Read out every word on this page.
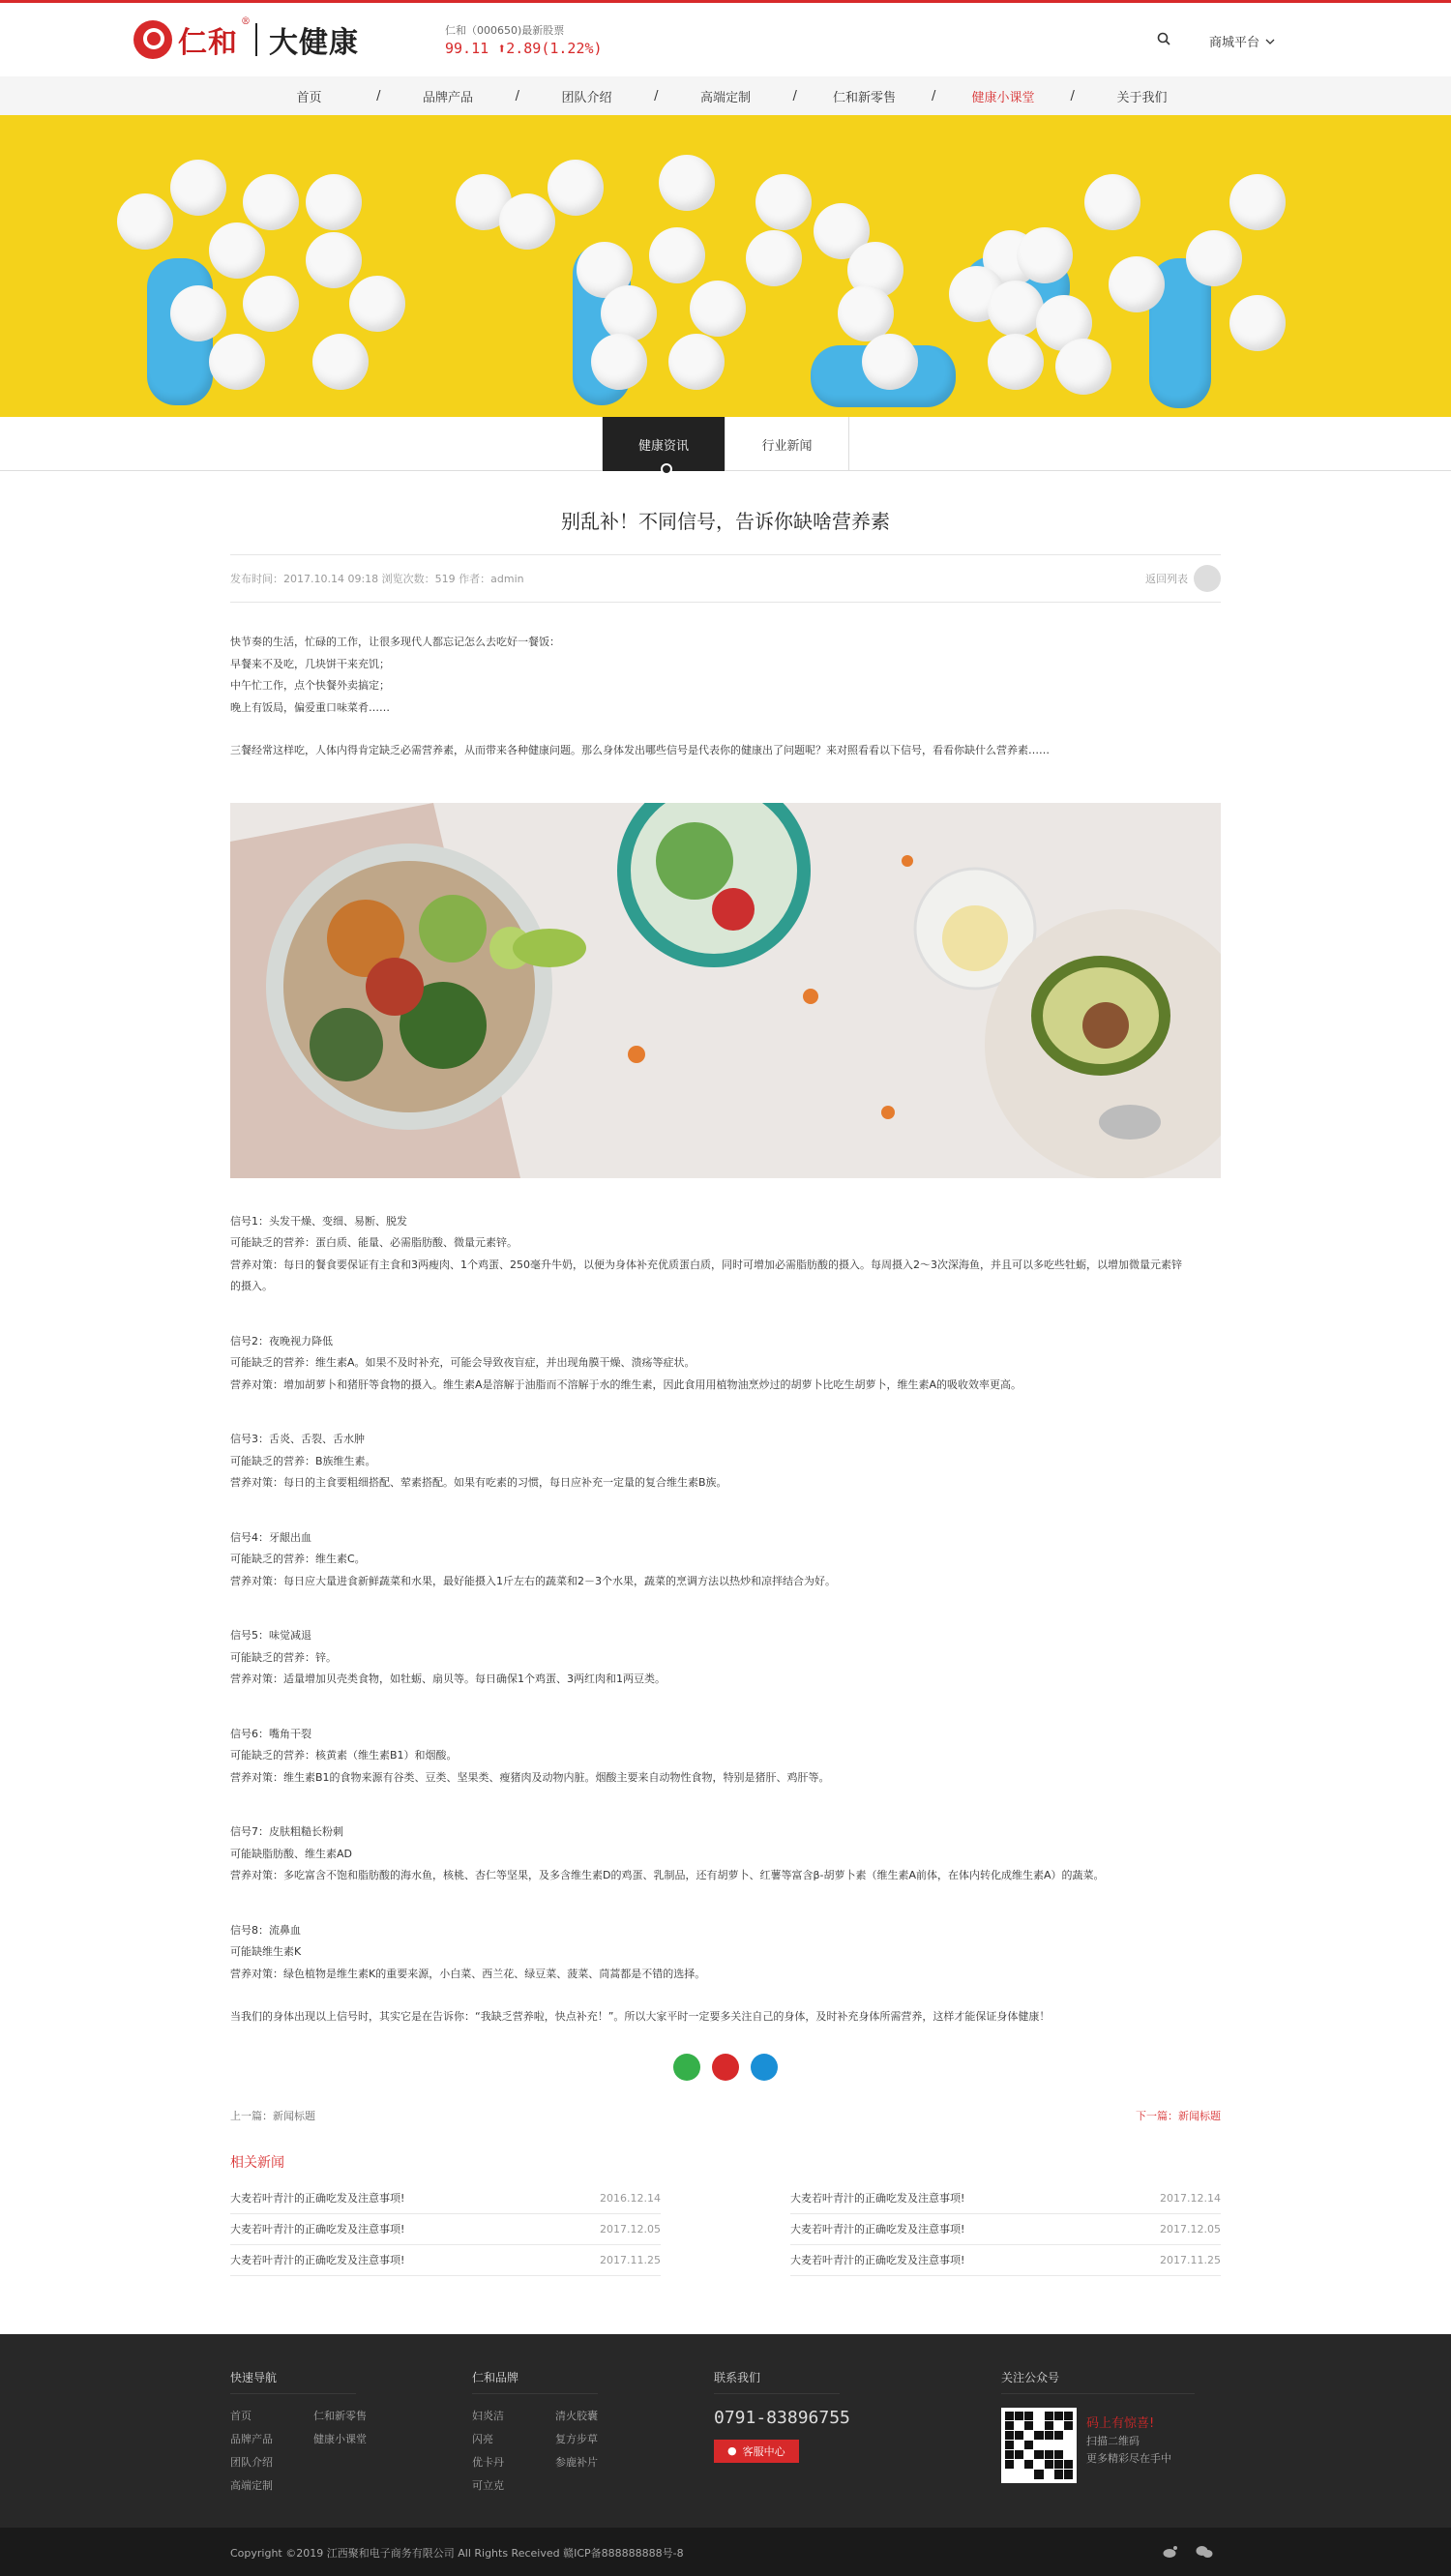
仁和
®
大健康	仁和（000650)最新股票
99.11 ⬆2.89(1.22%)	商城平台
首页	/	品牌产品	/	团队介绍	/	高端定制	/	仁和新零售	/	健康小课堂	/	关于我们
健康资讯	行业新闻
别乱补！不同信号，告诉你缺啥营养素
发布时间：2017.10.14 09:18 浏览次数：519 作者：admin	返回列表
快节奏的生活，忙碌的工作，让很多现代人都忘记怎么去吃好一餐饭：
早餐来不及吃，几块饼干来充饥；
中午忙工作，点个快餐外卖搞定；
晚上有饭局，偏爱重口味菜肴……
三餐经常这样吃，人体内得肯定缺乏必需营养素，从而带来各种健康问题。那么身体发出哪些信号是代表你的健康出了问题呢？来对照看看以下信号，看看你缺什么营养素……
信号1：头发干燥、变细、易断、脱发
可能缺乏的营养：蛋白质、能量、必需脂肪酸、微量元素锌。
营养对策：每日的餐食要保证有主食和3两瘦肉、1个鸡蛋、250毫升牛奶，以便为身体补充优质蛋白质，同时可增加必需脂肪酸的摄入。每周摄入2～3次深海鱼，并且可以多吃些牡蛎，以增加微量元素锌
的摄入。
信号2：夜晚视力降低
可能缺乏的营养：维生素A。如果不及时补充，可能会导致夜盲症，并出现角膜干燥、溃疡等症状。
营养对策：增加胡萝卜和猪肝等食物的摄入。维生素A是溶解于油脂而不溶解于水的维生素，因此食用用植物油烹炒过的胡萝卜比吃生胡萝卜，维生素A的吸收效率更高。
信号3：舌炎、舌裂、舌水肿
可能缺乏的营养：B族维生素。
营养对策：每日的主食要粗细搭配、荤素搭配。如果有吃素的习惯，每日应补充一定量的复合维生素B族。
信号4：牙龈出血
可能缺乏的营养：维生素C。
营养对策：每日应大量进食新鲜蔬菜和水果，最好能摄入1斤左右的蔬菜和2－3个水果，蔬菜的烹调方法以热炒和凉拌结合为好。
信号5：味觉减退
可能缺乏的营养：锌。
营养对策：适量增加贝壳类食物，如牡蛎、扇贝等。每日确保1个鸡蛋、3两红肉和1两豆类。
信号6：嘴角干裂
可能缺乏的营养：核黄素（维生素B1）和烟酸。
营养对策：维生素B1的食物来源有谷类、豆类、坚果类、瘦猪肉及动物内脏。烟酸主要来自动物性食物，特别是猪肝、鸡肝等。
信号7：皮肤粗糙长粉刺
可能缺脂肪酸、维生素AD
营养对策：多吃富含不饱和脂肪酸的海水鱼，核桃、杏仁等坚果，及多含维生素D的鸡蛋、乳制品，还有胡萝卜、红薯等富含β-胡萝卜素（维生素A前体，在体内转化成维生素A）的蔬菜。
信号8：流鼻血
可能缺维生素K
营养对策：绿色植物是维生素K的重要来源，小白菜、西兰花、绿豆菜、菠菜、茼蒿都是不错的选择。
当我们的身体出现以上信号时，其实它是在告诉你：“我缺乏营养啦，快点补充！”。所以大家平时一定要多关注自己的身体，及时补充身体所需营养，这样才能保证身体健康！
上一篇：新闻标题	下一篇：新闻标题
相关新闻
大麦若叶青汁的正确吃发及注意事项!	2016.12.14
大麦若叶青汁的正确吃发及注意事项!	2017.12.05
大麦若叶青汁的正确吃发及注意事项!	2017.11.25
大麦若叶青汁的正确吃发及注意事项!	2017.12.14
大麦若叶青汁的正确吃发及注意事项!	2017.12.05
大麦若叶青汁的正确吃发及注意事项!	2017.11.25
快速导航
首页	仁和新零售
品牌产品	健康小课堂
团队介绍
高端定制
仁和品牌
妇炎洁	清火胶囊
闪亮	复方步草
优卡丹	参鹿补片
可立克
联系我们
0791-83896755
● 客服中心
关注公众号
码上有惊喜!
扫描二维码
更多精彩尽在手中
Copyright ©2019 江西聚和电子商务有限公司 All Rights Received 赣ICP备888888888号-8
